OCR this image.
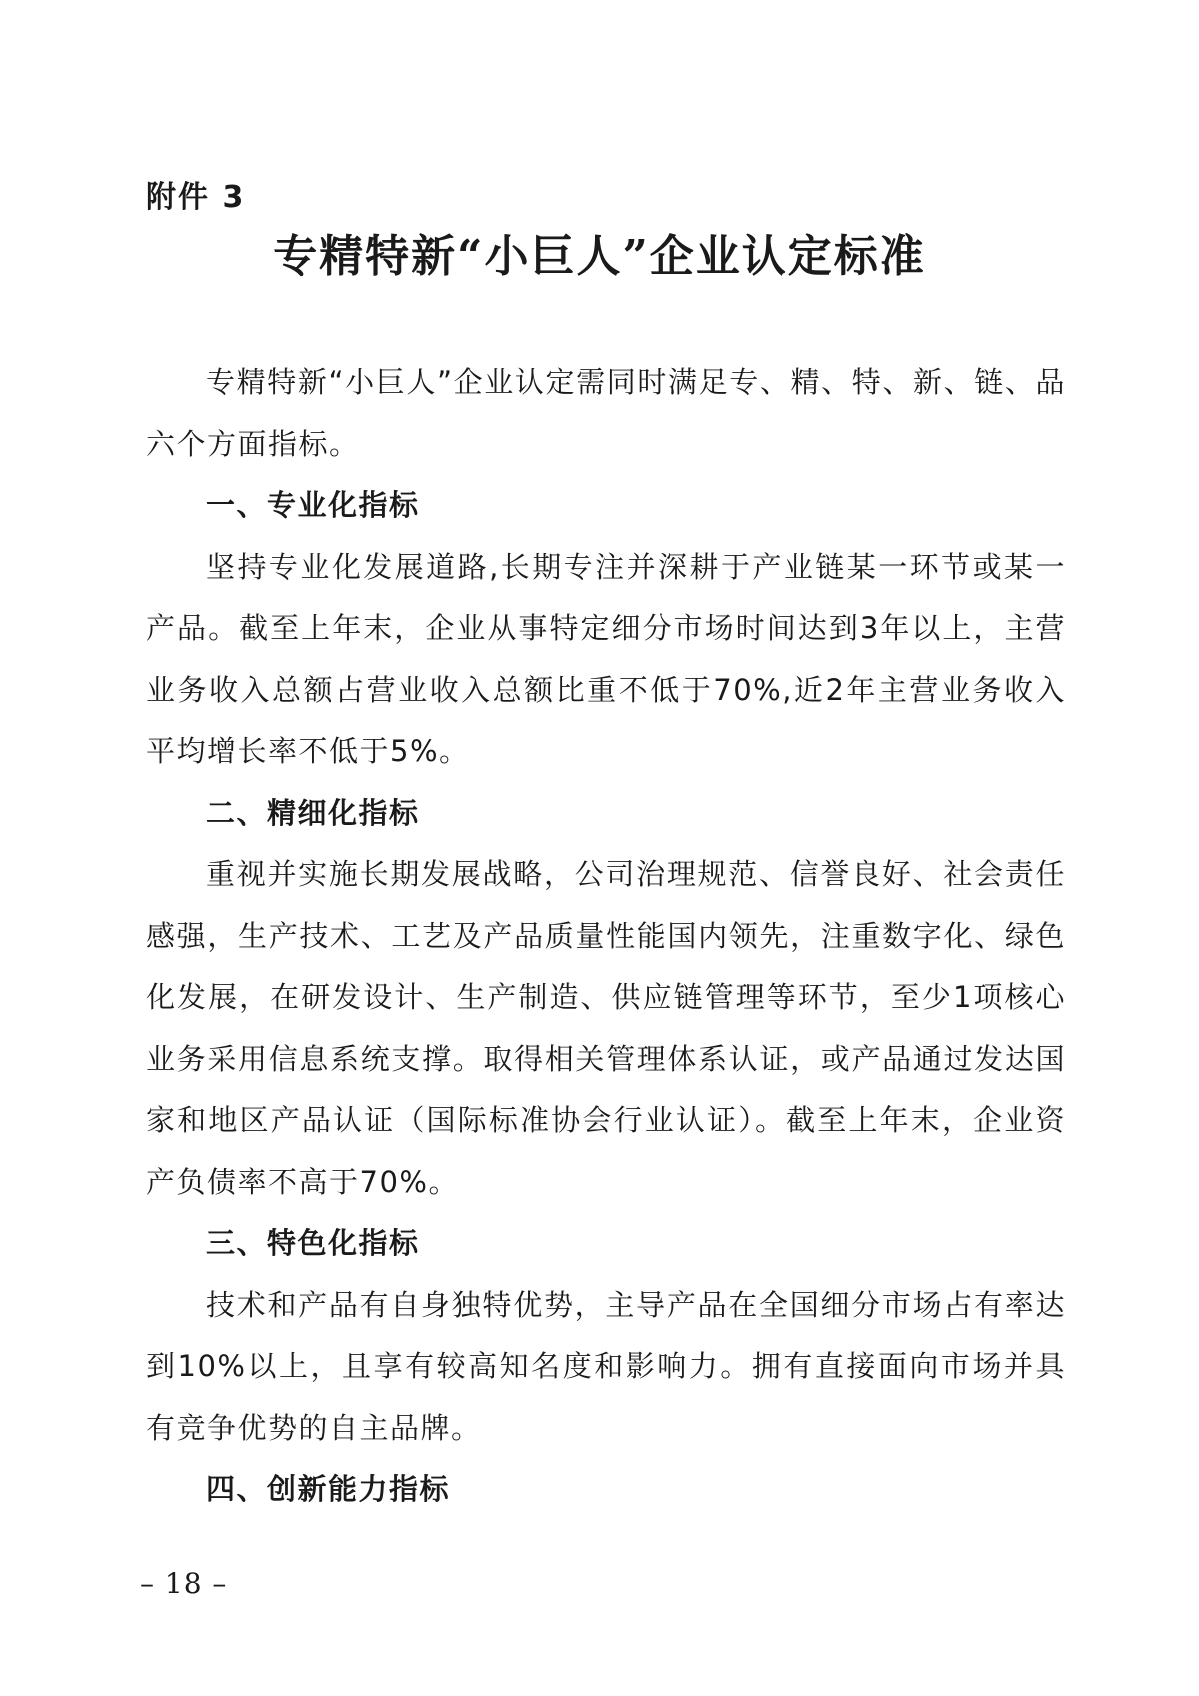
附件 3
专精特新“小巨人”企业认定标准

专精特新“小巨人”企业认定需同时满足专、精、特、新、链、品六个方面指标。

一、专业化指标

坚持专业化发展道路,长期专注并深耕于产业链某一环节或某一产品。截至上年末，企业从事特定细分市场时间达到3年以上，主营业务收入总额占营业收入总额比重不低于70%,近2年主营业务收入平均增长率不低于5%。

二、精细化指标

重视并实施长期发展战略，公司治理规范、信誉良好、社会责任感强，生产技术、工艺及产品质量性能国内领先，注重数字化、绿色化发展，在研发设计、生产制造、供应链管理等环节，至少1项核心业务采用信息系统支撑。取得相关管理体系认证，或产品通过发达国家和地区产品认证（国际标准协会行业认证）。截至上年末，企业资产负债率不高于70%。

三、特色化指标

技术和产品有自身独特优势，主导产品在全国细分市场占有率达到10%以上，且享有较高知名度和影响力。拥有直接面向市场并具有竞争优势的自主品牌。

四、创新能力指标

– 18 –
